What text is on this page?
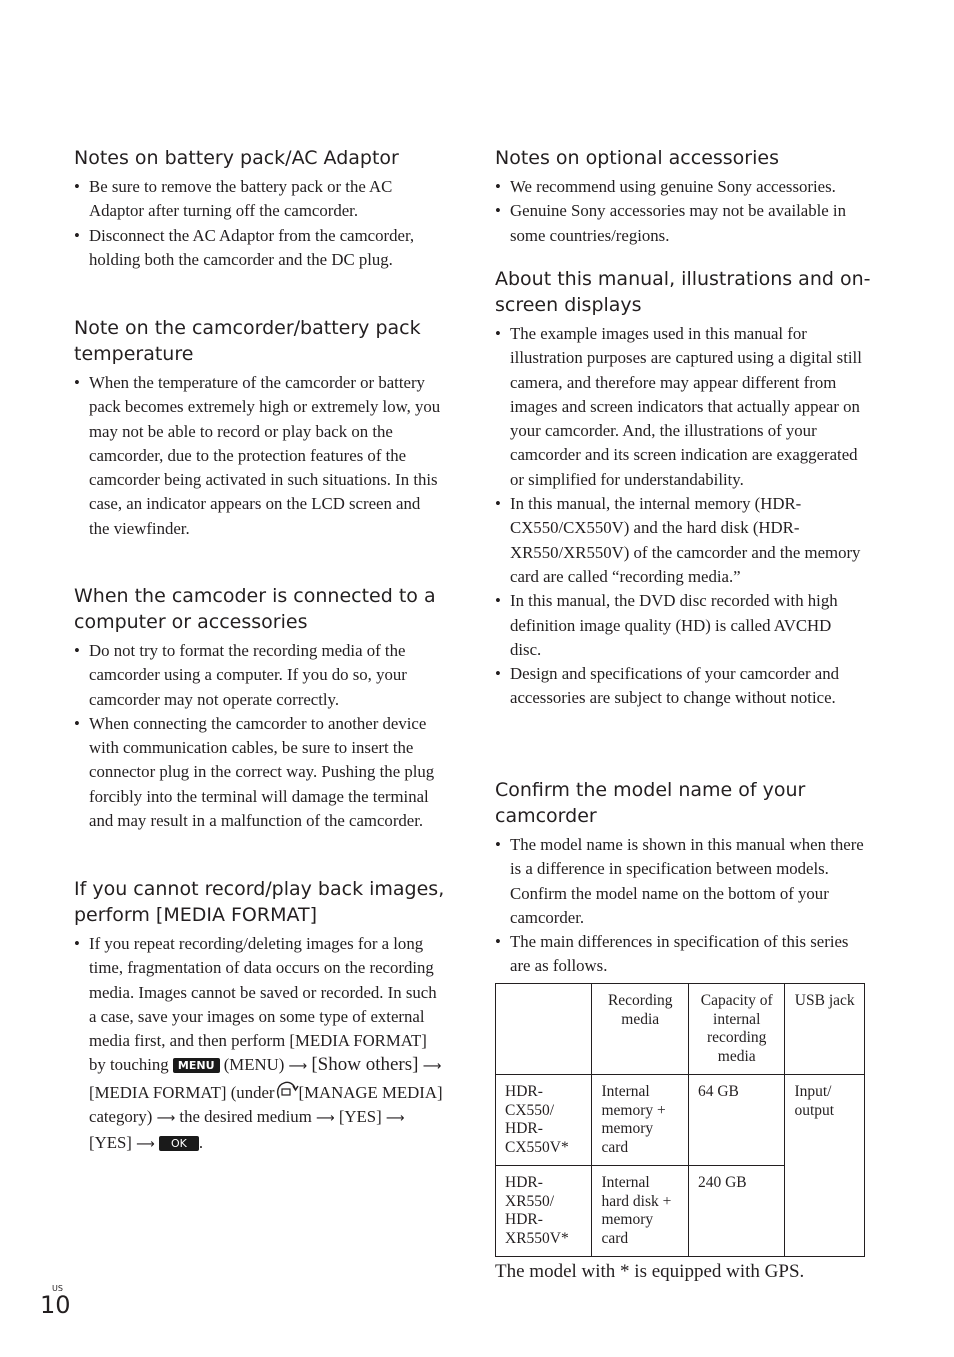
Notes on battery pack/AC Adaptor
• Be sure to remove the battery pack or the AC Adaptor after turning off the camcorder.
• Disconnect the AC Adaptor from the camcorder, holding both the camcorder and the DC plug.
Note on the camcorder/battery pack temperature
• When the temperature of the camcorder or battery pack becomes extremely high or extremely low, you may not be able to record or play back on the camcorder, due to the protection features of the camcorder being activated in such situations. In this case, an indicator appears on the LCD screen and the viewfinder.
When the camcoder is connected to a computer or accessories
• Do not try to format the recording media of the camcorder using a computer. If you do so, your camcorder may not operate correctly.
• When connecting the camcorder to another device with communication cables, be sure to insert the connector plug in the correct way. Pushing the plug forcibly into the terminal will damage the terminal and may result in a malfunction of the camcorder.
If you cannot record/play back images, perform [MEDIA FORMAT]
• If you repeat recording/deleting images for a long time, fragmentation of data occurs on the recording media. Images cannot be saved or recorded. In such a case, save your images on some type of external media first, and then perform [MEDIA FORMAT] by touching MENU (MENU) ⟶ [Show others] ⟶ [MEDIA FORMAT] (under [MANAGE MEDIA] category) ⟶ the desired medium ⟶ [YES] ⟶ [YES] ⟶ OK .
Notes on optional accessories
• We recommend using genuine Sony accessories.
• Genuine Sony accessories may not be available in some countries/regions.
About this manual, illustrations and on-screen displays
• The example images used in this manual for illustration purposes are captured using a digital still camera, and therefore may appear different from images and screen indicators that actually appear on your camcorder. And, the illustrations of your camcorder and its screen indication are exaggerated or simplified for understandability.
• In this manual, the internal memory (HDR-CX550/CX550V) and the hard disk (HDR-XR550/XR550V) of the camcorder and the memory card are called “recording media.”
• In this manual, the DVD disc recorded with high definition image quality (HD) is called AVCHD disc.
• Design and specifications of your camcorder and accessories are subject to change without notice.
Confirm the model name of your camcorder
• The model name is shown in this manual when there is a difference in specification between models. Confirm the model name on the bottom of your camcorder.
• The main differences in specification of this series are as follows.
	Recording media	Capacity of internal recording media	USB jack
HDR-CX550/ HDR-CX550V*	Internal memory + memory card	64 GB	Input/ output
HDR-XR550/ HDR-XR550V*	Internal hard disk + memory card	240 GB	
The model with * is equipped with GPS.
US
10
